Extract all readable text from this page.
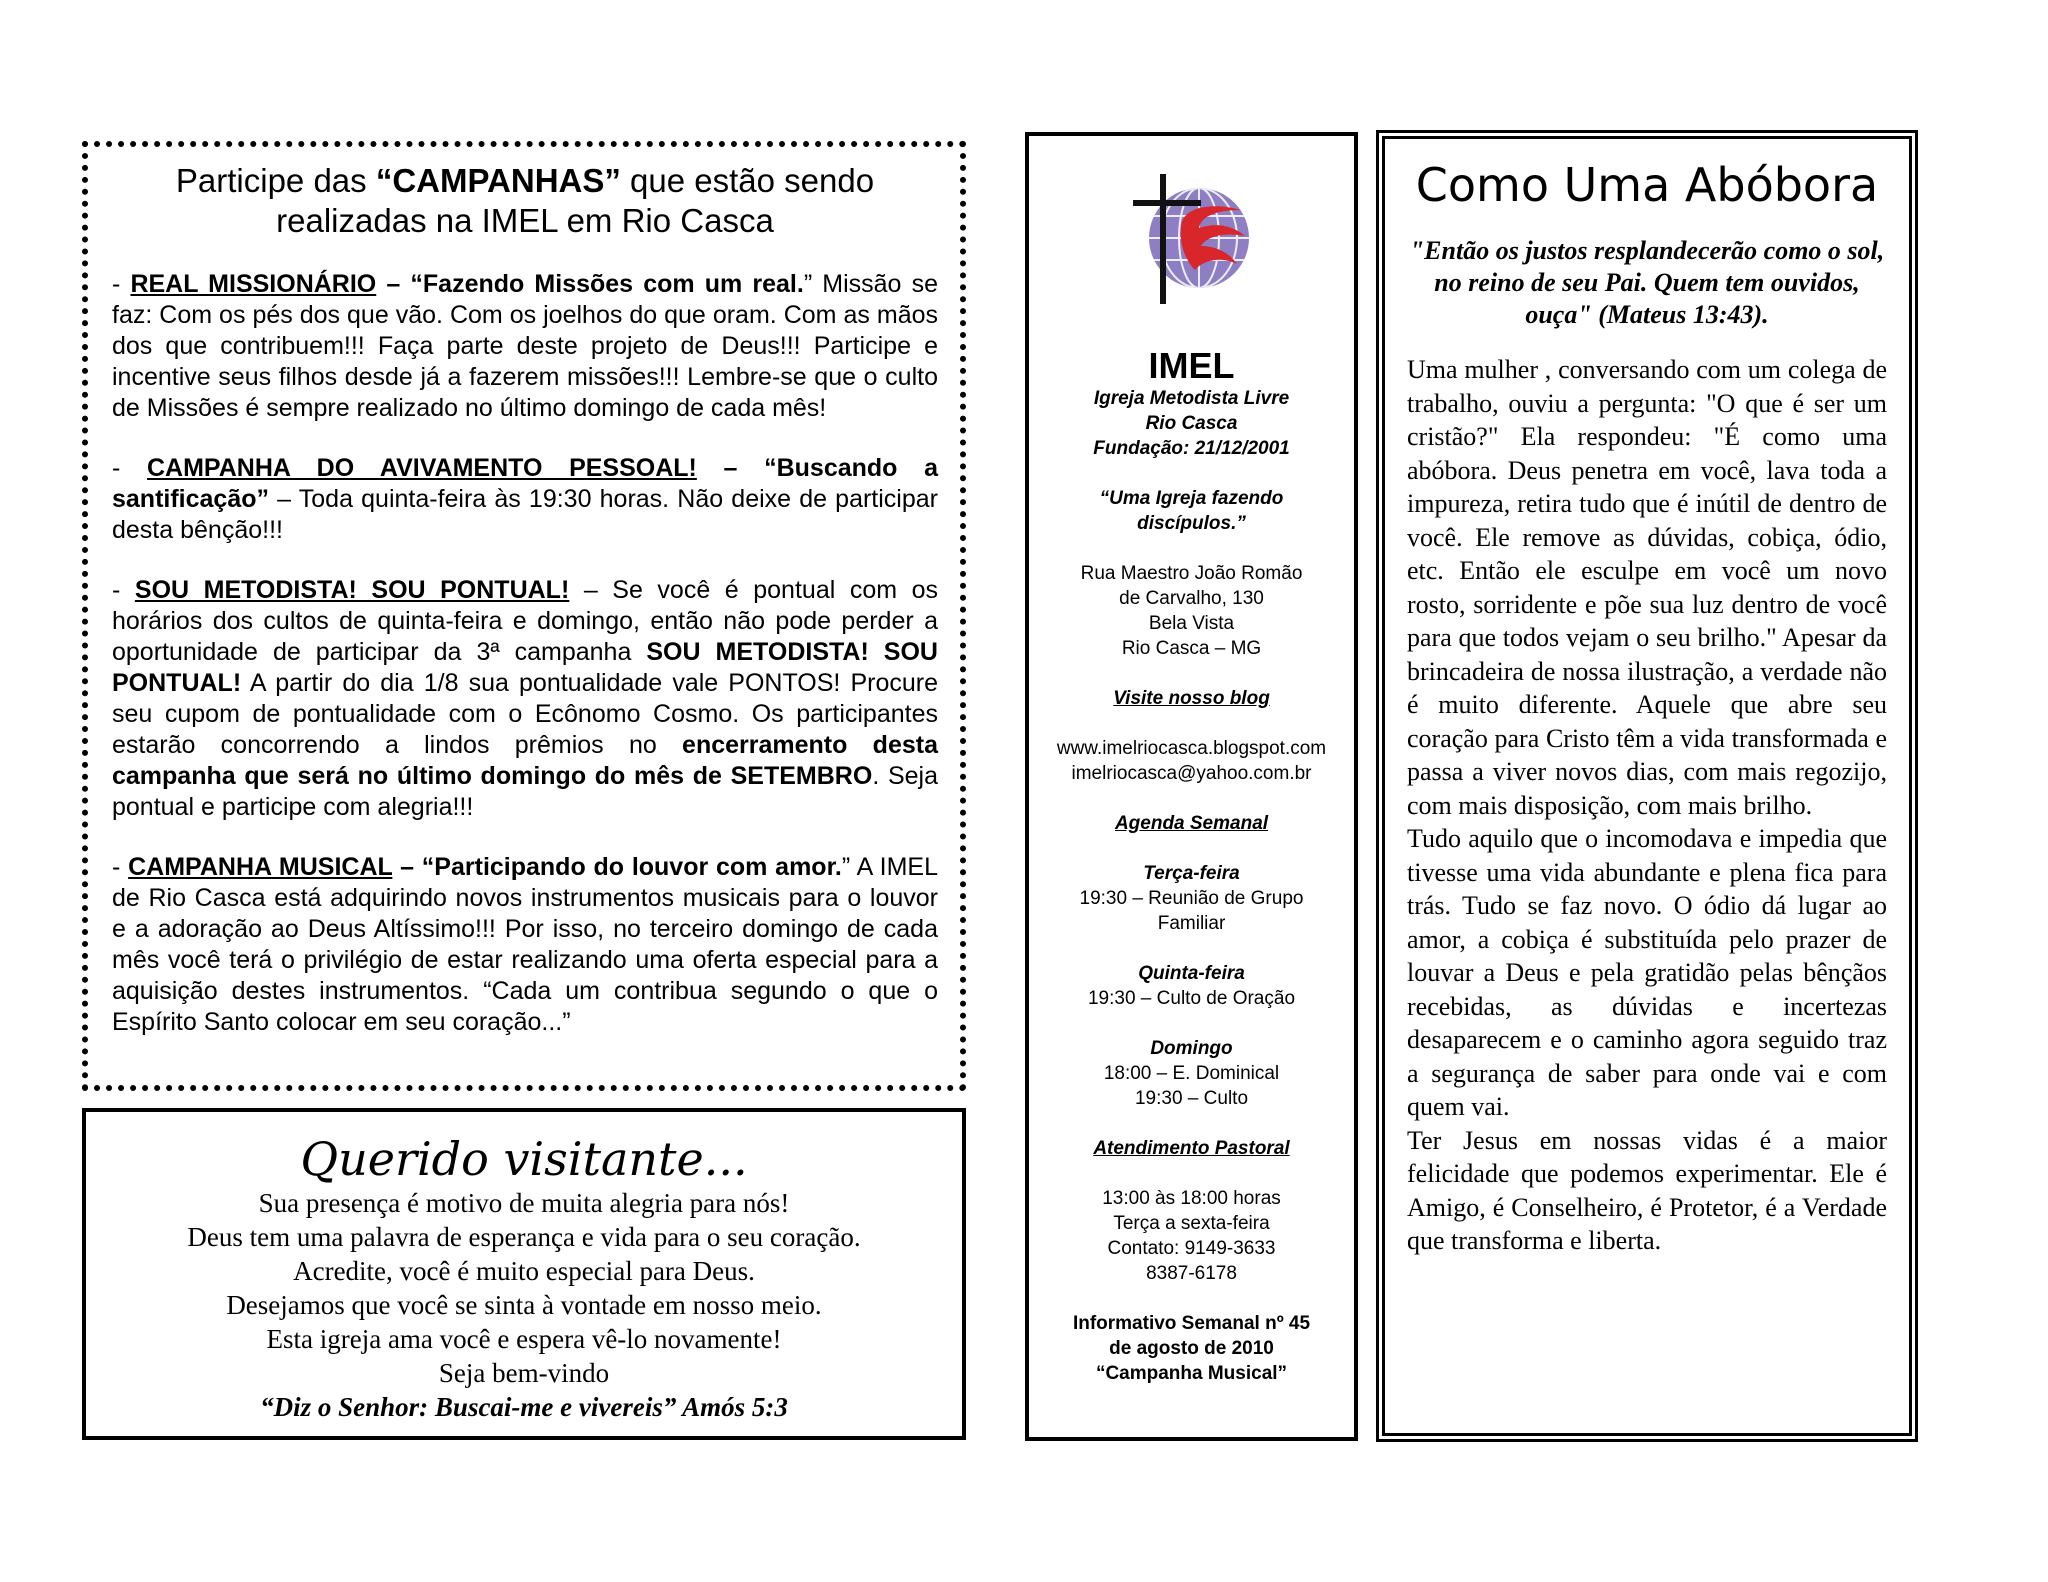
Participe das “CAMPANHAS” que estão sendo realizadas na IMEL em Rio Casca

- REAL MISSIONÁRIO – “Fazendo Missões com um real.” Missão se faz: Com os pés dos que vão. Com os joelhos do que oram. Com as mãos dos que contribuem!!! Faça parte deste projeto de Deus!!! Participe e incentive seus filhos desde já a fazerem missões!!! Lembre-se que o culto de Missões é sempre realizado no último domingo de cada mês!

- CAMPANHA DO AVIVAMENTO PESSOAL! – “Buscando a santificação” – Toda quinta-feira às 19:30 horas. Não deixe de participar desta bênção!!!

- SOU METODISTA! SOU PONTUAL! – Se você é pontual com os horários dos cultos de quinta-feira e domingo, então não pode perder a oportunidade de participar da 3ª campanha SOU METODISTA! SOU PONTUAL! A partir do dia 1/8 sua pontualidade vale PONTOS! Procure seu cupom de pontualidade com o Ecônomo Cosmo. Os participantes estarão concorrendo a lindos prêmios no encerramento desta campanha que será no último domingo do mês de SETEMBRO. Seja pontual e participe com alegria!!!

- CAMPANHA MUSICAL – “Participando do louvor com amor.” A IMEL de Rio Casca está adquirindo novos instrumentos musicais para o louvor e a adoração ao Deus Altíssimo!!! Por isso, no terceiro domingo de cada mês você terá o privilégio de estar realizando uma oferta especial para a aquisição destes instrumentos. “Cada um contribua segundo o que o Espírito Santo colocar em seu coração...”

Querido visitante...
Sua presença é motivo de muita alegria para nós!
Deus tem uma palavra de esperança e vida para o seu coração.
Acredite, você é muito especial para Deus.
Desejamos que você se sinta à vontade em nosso meio.
Esta igreja ama você e espera vê-lo novamente!
Seja bem-vindo
“Diz o Senhor: Buscai-me e vivereis” Amós 5:3
IMEL
Igreja Metodista Livre
Rio Casca
Fundação: 21/12/2001
“Uma Igreja fazendo discípulos.”
Rua Maestro João Romão
de Carvalho, 130
Bela Vista
Rio Casca – MG
Visite nosso blog
www.imelriocasca.blogspot.com
imelriocasca@yahoo.com.br
Agenda Semanal
Terça-feira
19:30 – Reunião de Grupo
Familiar
Quinta-feira
19:30 – Culto de Oração
Domingo
18:00 – E. Dominical
19:30 – Culto
Atendimento Pastoral
13:00 às 18:00 horas
Terça a sexta-feira
Contato: 9149-3633
8387-6178
Informativo Semanal nº 45
de agosto de 2010
“Campanha Musical”
Como Uma Abóbora
"Então os justos resplandecerão como o sol, no reino de seu Pai. Quem tem ouvidos, ouça" (Mateus 13:43).

Uma mulher , conversando com um colega de trabalho, ouviu a pergunta: "O que é ser um cristão?" Ela respondeu: "É como uma abóbora. Deus penetra em você, lava toda a impureza, retira tudo que é inútil de dentro de você. Ele remove as dúvidas, cobiça, ódio, etc. Então ele esculpe em você um novo rosto, sorridente e põe sua luz dentro de você para que todos vejam o seu brilho." Apesar da brincadeira de nossa ilustração, a verdade não é muito diferente. Aquele que abre seu coração para Cristo têm a vida transformada e passa a viver novos dias, com mais regozijo, com mais disposição, com mais brilho.

Tudo aquilo que o incomodava e impedia que tivesse uma vida abundante e plena fica para trás. Tudo se faz novo. O ódio dá lugar ao amor, a cobiça é substituída pelo prazer de louvar a Deus e pela gratidão pelas bênçãos recebidas, as dúvidas e incertezas desaparecem e o caminho agora seguido traz a segurança de saber para onde vai e com quem vai.

Ter Jesus em nossas vidas é a maior felicidade que podemos experimentar. Ele é Amigo, é Conselheiro, é Protetor, é a Verdade que transforma e liberta.
